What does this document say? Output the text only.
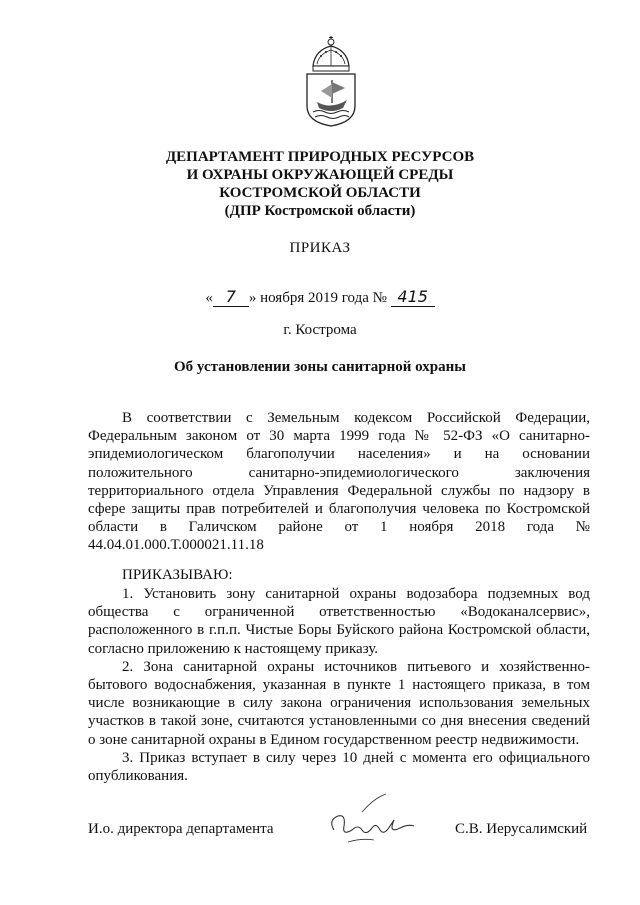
ДЕПАРТАМЕНТ ПРИРОДНЫХ РЕСУРСОВ
И ОХРАНЫ ОКРУЖАЮЩЕЙ СРЕДЫ
КОСТРОМСКОЙ ОБЛАСТИ
(ДПР Костромской области)
ПРИКАЗ
« 7 » ноября 2019 года № 415
г. Кострома
Об установлении зоны санитарной охраны
В соответствии с Земельным кодексом Российской Федерации, Федеральным законом от 30 марта 1999 года № 52-ФЗ «О санитарно-эпидемиологическом благополучии населения» и на основании положительного санитарно-эпидемиологического заключения территориального отдела Управления Федеральной службы по надзору в сфере защиты прав потребителей и благополучия человека по Костромской области в Галичском районе от 1 ноября 2018 года № 44.04.01.000.Т.000021.11.18
ПРИКАЗЫВАЮ:

1. Установить зону санитарной охраны водозабора подземных вод общества с ограниченной ответственностью «Водоканалсервис», расположенного в г.п.п. Чистые Боры Буйского района Костромской области, согласно приложению к настоящему приказу.

2. Зона санитарной охраны источников питьевого и хозяйственно-бытового водоснабжения, указанная в пункте 1 настоящего приказа, в том числе возникающие в силу закона ограничения использования земельных участков в такой зоне, считаются установленными со дня внесения сведений о зоне санитарной охраны в Едином государственном реестр недвижимости.

3. Приказ вступает в силу через 10 дней с момента его официального опубликования.

И.о. директора департамента	С.В. Иерусалимский
